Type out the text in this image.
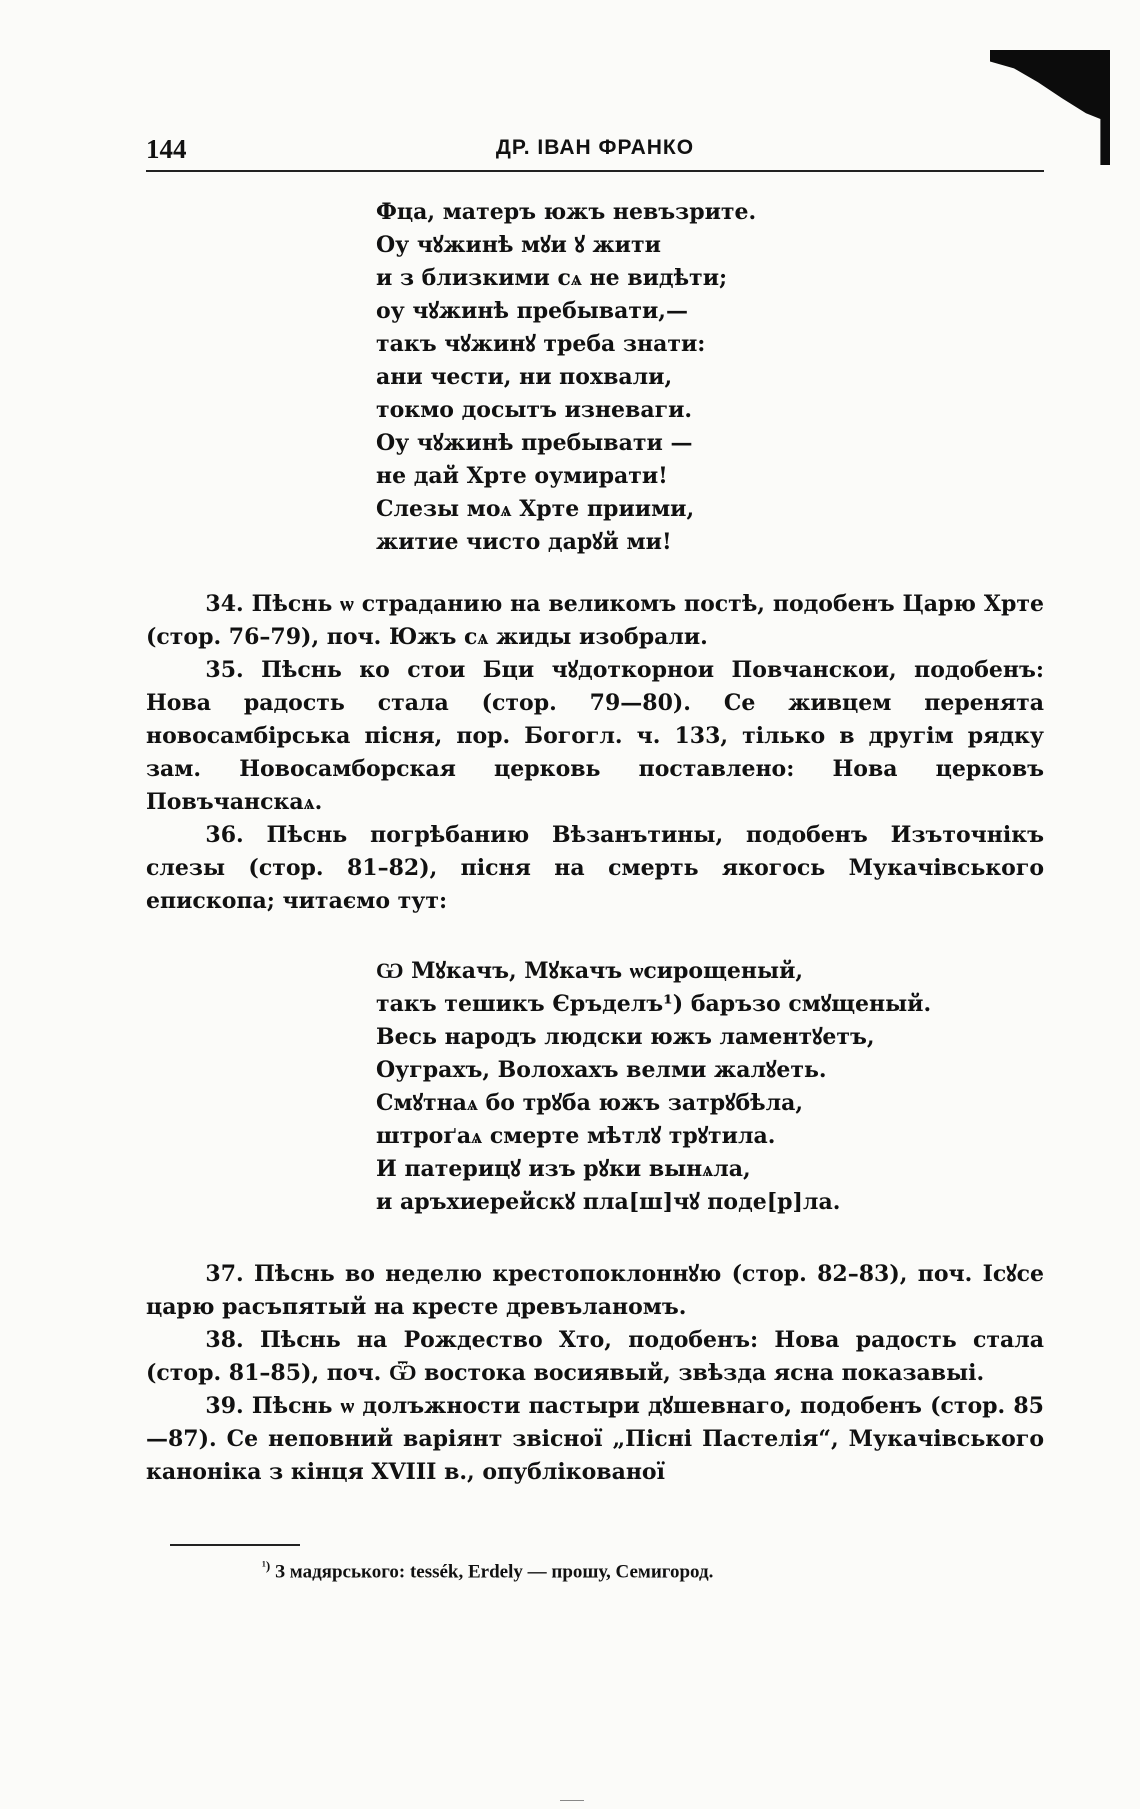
144	ДР. ІВАН ФРАНКО
Фца, матеръ южъ невъзрите.
Оу чꙋжинѣ мꙋи ꙋ жити
и з близкими сѧ не видѣти;
оу чꙋжинѣ пребывати,—
такъ чꙋжинꙋ треба знати:
ани чести, ни похвали,
токмо досытъ изневаги.
Оу чꙋжинѣ пребывати —
не дай Хрте оумирати!
Слезы моѧ Хрте приими,
житие чисто дарꙋй ми!

34. Пѣснь ѡ страданию на великомъ постѣ, подобенъ Царю Хрте (стор. 76–79), поч. Южъ сѧ жиды изобрали.

35. Пѣснь ко стои Бци чꙋдоткорнои Повчанскои, подобенъ: Нова радость стала (стор. 79—80). Се живцем перенята новосамбірська пісня, пор. Богогл. ч. 133, тілько в другім рядку зам. Новосамборская церковь поставлено: Нова церковъ Повъчанскаѧ.

36. Пѣснь погрѣбанию Вѣзанътины, подобенъ Изъточнікъ слезы (стор. 81–82), пісня на смерть якогось Мукачівського епископа; читаємо тут:

Ѡ Мꙋкачъ, Мꙋкачъ ѡсирощеный,
такъ тешикъ Єръделъ¹) баръзо смꙋщеный.
Весь народъ людски южъ ламентꙋетъ,
Оуграхъ, Волохахъ велми жалꙋеть.
Смꙋтнаѧ бо трꙋба южъ затрꙋбѣла,
штроґаѧ смерте мѣтлꙋ трꙋтила.
И патерицꙋ изъ рꙋки вынѧла,
и аръхиерейскꙋ пла[ш]чꙋ поде[р]ла.

37. Пѣснь во неделю крестопоклоннꙋю (стор. 82–83), поч. Ісꙋсе царю расъпятый на кресте древъланомъ.

38. Пѣснь на Рождество Хто, подобенъ: Нова радость стала (стор. 81–85), поч. Ѿ востока восиявый, звѣзда ясна показавыі.

39. Пѣснь ѡ долъжности пастыри дꙋшевнаго, подобенъ (стор. 85—87). Се неповний варіянт звісної „Пісні Пастелія“, Мукачівського каноніка з кінця XVIII в., опублікованої

$^{^1)}$ З мадярського: tessék, Erdely — прошу, Семигород.
